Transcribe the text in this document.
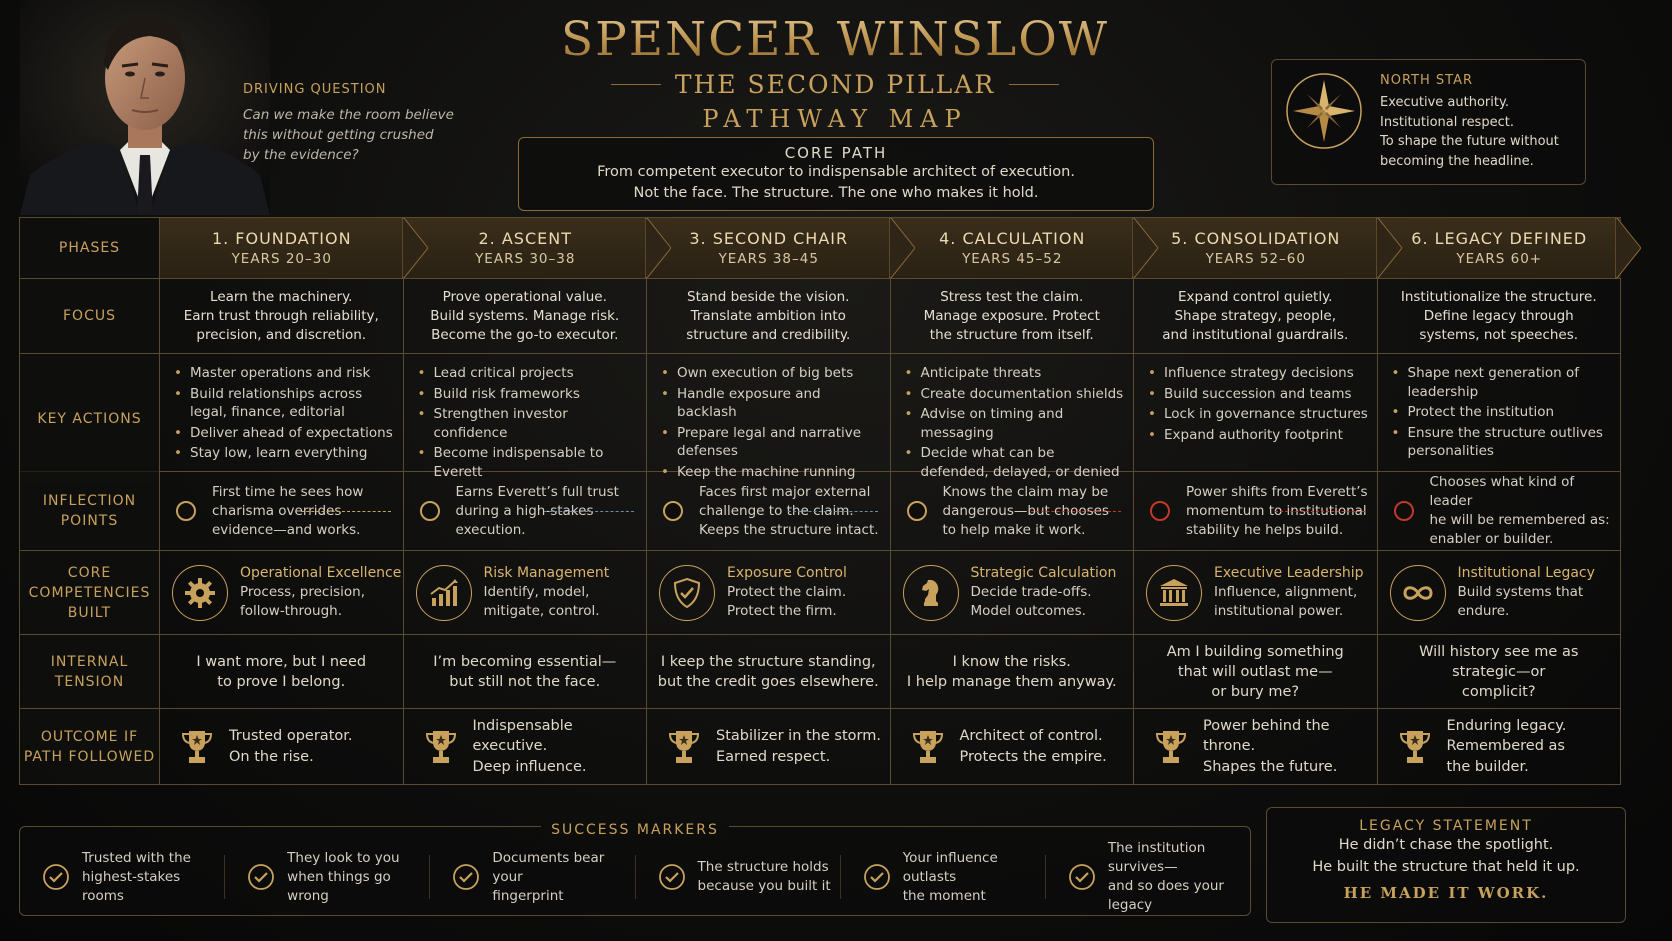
DRIVING QUESTION
Can we make the room believe
this without getting crushed
by the evidence?
SPENCER WINSLOW
THE SECOND PILLAR
PATHWAY MAP
CORE PATH
From competent executor to indispensable architect of execution.
Not the face. The structure. The one who makes it hold.
NORTH STAR
Executive authority.
Institutional respect.
To shape the future without
becoming the headline.
PHASES	1. FOUNDATION
YEARS 20–30
2. ASCENT
YEARS 30–38
3. SECOND CHAIR
YEARS 38–45
4. CALCULATION
YEARS 45–52
5. CONSOLIDATION
YEARS 52–60
6. LEGACY DEFINED
YEARS 60+
FOCUS
Learn the machinery.
Earn trust through reliability,
precision, and discretion.
Prove operational value.
Build systems. Manage risk.
Become the go-to executor.
Stand beside the vision.
Translate ambition into
structure and credibility.
Stress test the claim.
Manage exposure. Protect
the structure from itself.
Expand control quietly.
Shape strategy, people,
and institutional guardrails.
Institutionalize the structure.
Define legacy through
systems, not speeches.
KEY ACTIONS
• Master operations and risk
• Build relationships across legal, finance, editorial
• Deliver ahead of expectations
• Stay low, learn everything
• Lead critical projects
• Build risk frameworks
• Strengthen investor confidence
• Become indispensable to Everett
• Own execution of big bets
• Handle exposure and backlash
• Prepare legal and narrative defenses
• Keep the machine running
• Anticipate threats
• Create documentation shields
• Advise on timing and messaging
• Decide what can be defended, delayed, or denied
• Influence strategy decisions
• Build succession and teams
• Lock in governance structures
• Expand authority footprint
• Shape next generation of leadership
• Protect the institution
• Ensure the structure outlives personalities
INFLECTION
POINTS
First time he sees how
charisma overrides
evidence—and works.
Earns Everett’s full trust
during a high-stakes
execution.
Faces first major external
challenge to the claim.
Keeps the structure intact.
Knows the claim may be
dangerous—but chooses
to help make it work.
Power shifts from Everett’s
momentum to institutional
stability he helps build.
Chooses what kind of leader
he will be remembered as:
enabler or builder.
CORE
COMPETENCIES
BUILT
Operational Excellence
Process, precision,
follow-through.
Risk Management
Identify, model,
mitigate, control.
Exposure Control
Protect the claim.
Protect the firm.
Strategic Calculation
Decide trade-offs.
Model outcomes.
Executive Leadership
Influence, alignment,
institutional power.
Institutional Legacy
Build systems that
endure.
INTERNAL
TENSION
I want more, but I need
to prove I belong.
I’m becoming essential—
but still not the face.
I keep the structure standing,
but the credit goes elsewhere.
I know the risks.
I help manage them anyway.
Am I building something
that will outlast me—
or bury me?
Will history see me as
strategic—or
complicit?
OUTCOME IF
PATH FOLLOWED
Trusted operator.
On the rise.
Indispensable executive.
Deep influence.
Stabilizer in the storm.
Earned respect.
Architect of control.
Protects the empire.
Power behind the throne.
Shapes the future.
Enduring legacy.
Remembered as
the builder.
SUCCESS MARKERS
Trusted with the
highest-stakes rooms
They look to you
when things go wrong
Documents bear your
fingerprint
The structure holds
because you built it
Your influence outlasts
the moment
The institution survives—
and so does your legacy
LEGACY STATEMENT
He didn’t chase the spotlight.
He built the structure that held it up.
HE MADE IT WORK.
